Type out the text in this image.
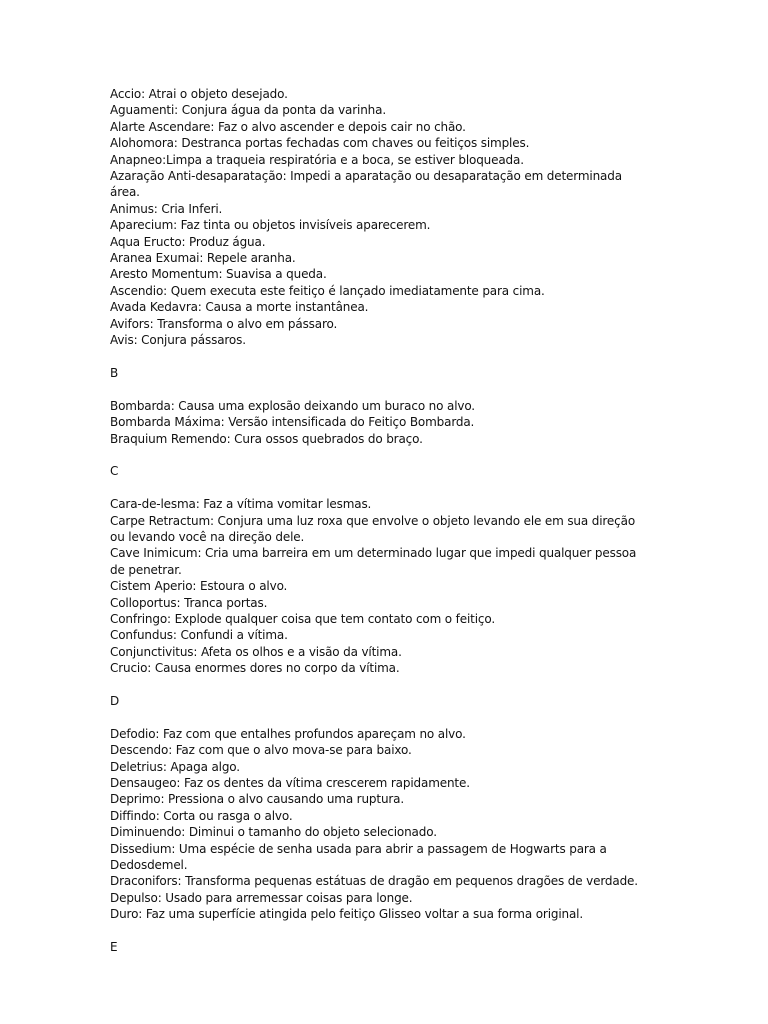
Accio: Atrai o objeto desejado.
Aguamenti: Conjura água da ponta da varinha.
Alarte Ascendare: Faz o alvo ascender e depois cair no chão.
Alohomora: Destranca portas fechadas com chaves ou feitiços simples.
Anapneo:Limpa a traqueia respiratória e a boca, se estiver bloqueada.
Azaração Anti-desaparatação: Impedi a aparatação ou desaparatação em determinada área.
Animus: Cria Inferi.
Aparecium: Faz tinta ou objetos invisíveis aparecerem.
Aqua Eructo: Produz água.
Aranea Exumai: Repele aranha.
Aresto Momentum: Suavisa a queda.
Ascendio: Quem executa este feitiço é lançado imediatamente para cima.
Avada Kedavra: Causa a morte instantânea.
Avifors: Transforma o alvo em pássaro.
Avis: Conjura pássaros.
B
Bombarda: Causa uma explosão deixando um buraco no alvo.
Bombarda Máxima: Versão intensificada do Feitiço Bombarda.
Braquium Remendo: Cura ossos quebrados do braço.
C
Cara-de-lesma: Faz a vítima vomitar lesmas.
Carpe Retractum: Conjura uma luz roxa que envolve o objeto levando ele em sua direção ou levando você na direção dele.
Cave Inimicum: Cria uma barreira em um determinado lugar que impedi qualquer pessoa de penetrar.
Cistem Aperio: Estoura o alvo.
Colloportus: Tranca portas.
Confringo: Explode qualquer coisa que tem contato com o feitiço.
Confundus: Confundi a vítima.
Conjunctivitus: Afeta os olhos e a visão da vítima.
Crucio: Causa enormes dores no corpo da vítima.
D
Defodio: Faz com que entalhes profundos apareçam no alvo.
Descendo: Faz com que o alvo mova-se para baixo.
Deletrius: Apaga algo.
Densaugeo: Faz os dentes da vítima crescerem rapidamente.
Deprimo: Pressiona o alvo causando uma ruptura.
Diffindo: Corta ou rasga o alvo.
Diminuendo: Diminui o tamanho do objeto selecionado.
Dissedium: Uma espécie de senha usada para abrir a passagem de Hogwarts para a Dedosdemel.
Draconifors: Transforma pequenas estátuas de dragão em pequenos dragões de verdade.
Depulso: Usado para arremessar coisas para longe.
Duro: Faz uma superfície atingida pelo feitiço Glisseo voltar a sua forma original.
E
